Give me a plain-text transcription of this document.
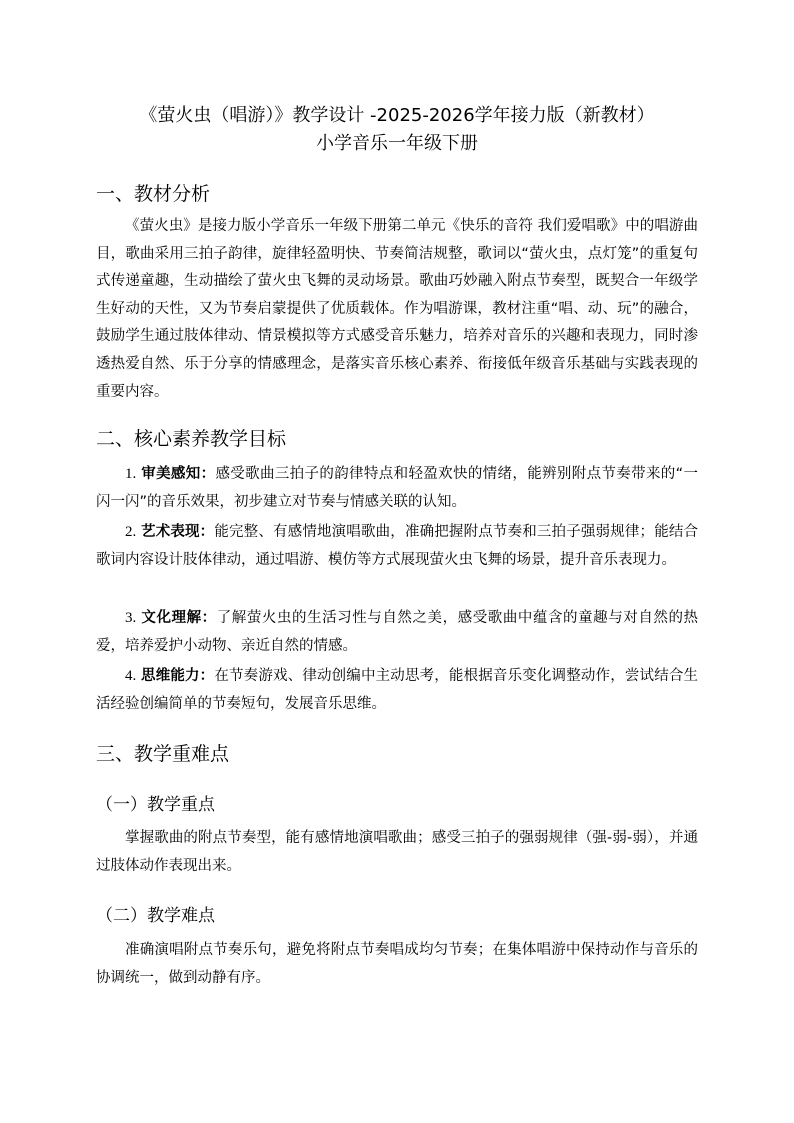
《萤火虫（唱游）》教学设计 -2025-2026学年接力版（新教材）
小学音乐一年级下册
一、教材分析
《萤火虫》是接力版小学音乐一年级下册第二单元《快乐的音符 我们爱唱歌》中的唱游曲目，歌曲采用三拍子韵律，旋律轻盈明快、节奏简洁规整，歌词以“萤火虫，点灯笼”的重复句式传递童趣，生动描绘了萤火虫飞舞的灵动场景。歌曲巧妙融入附点节奏型，既契合一年级学生好动的天性，又为节奏启蒙提供了优质载体。作为唱游课，教材注重“唱、动、玩”的融合，鼓励学生通过肢体律动、情景模拟等方式感受音乐魅力，培养对音乐的兴趣和表现力，同时渗透热爱自然、乐于分享的情感理念，是落实音乐核心素养、衔接低年级音乐基础与实践表现的重要内容。
二、核心素养教学目标
1. 审美感知：感受歌曲三拍子的韵律特点和轻盈欢快的情绪，能辨别附点节奏带来的“一闪一闪”的音乐效果，初步建立对节奏与情感关联的认知。
2. 艺术表现：能完整、有感情地演唱歌曲，准确把握附点节奏和三拍子强弱规律；能结合歌词内容设计肢体律动，通过唱游、模仿等方式展现萤火虫飞舞的场景，提升音乐表现力。
3. 文化理解：了解萤火虫的生活习性与自然之美，感受歌曲中蕴含的童趣与对自然的热爱，培养爱护小动物、亲近自然的情感。
4. 思维能力：在节奏游戏、律动创编中主动思考，能根据音乐变化调整动作，尝试结合生活经验创编简单的节奏短句，发展音乐思维。
三、教学重难点
（一）教学重点
掌握歌曲的附点节奏型，能有感情地演唱歌曲；感受三拍子的强弱规律（强-弱-弱），并通过肢体动作表现出来。
（二）教学难点
准确演唱附点节奏乐句，避免将附点节奏唱成均匀节奏；在集体唱游中保持动作与音乐的协调统一，做到动静有序。
